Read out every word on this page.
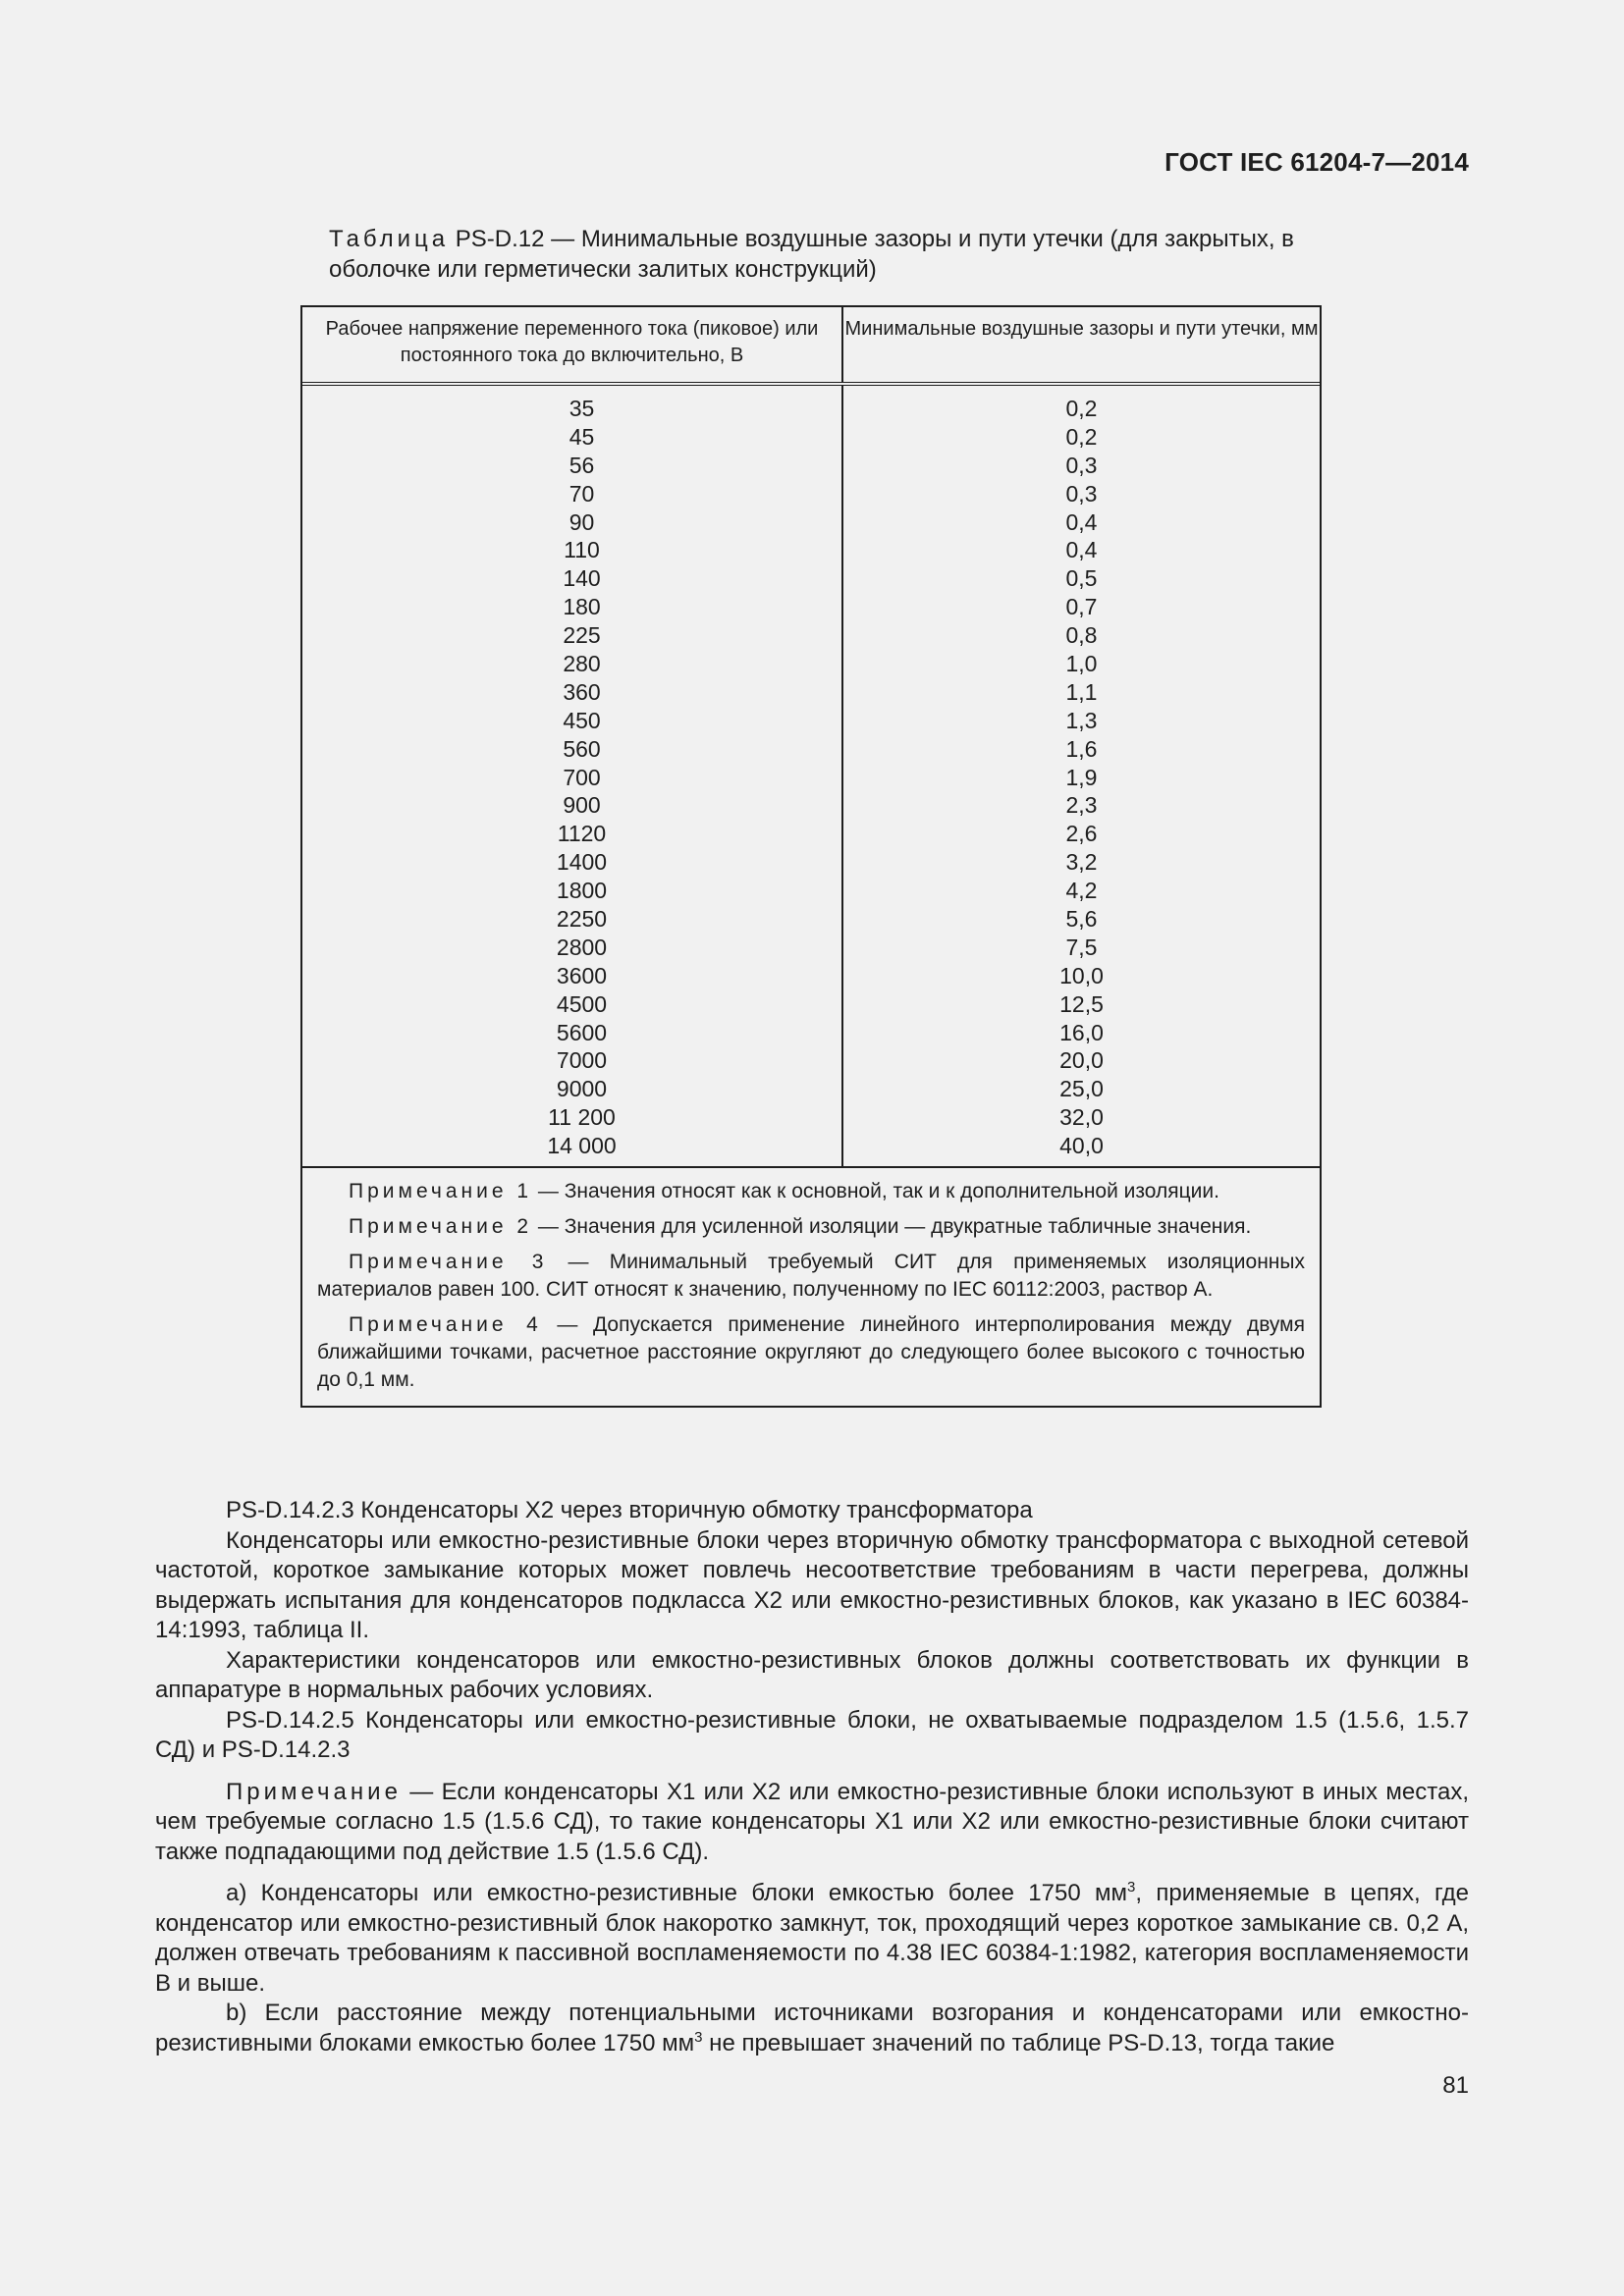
ГОСТ IEC 61204-7—2014
Таблица PS-D.12 — Минимальные воздушные зазоры и пути утечки (для закрытых, в оболочке или герметически залитых конструкций)
Рабочее напряжение переменного тока (пиковое) или постоянного тока до включительно, В
Минимальные воздушные зазоры и пути утечки, мм
35
45
56
70
90
110
140
180
225
280
360
450
560
700
900
1120
1400
1800
2250
2800
3600
4500
5600
7000
9000
11 200
14 000
0,2
0,2
0,3
0,3
0,4
0,4
0,5
0,7
0,8
1,0
1,1
1,3
1,6
1,9
2,3
2,6
3,2
4,2
5,6
7,5
10,0
12,5
16,0
20,0
25,0
32,0
40,0
Примечание 1 — Значения относят как к основной, так и к дополнительной изоляции.
Примечание 2 — Значения для усиленной изоляции — двукратные табличные значения.
Примечание 3 — Минимальный требуемый СИТ для применяемых изоляционных материалов равен 100. СИТ относят к значению, полученному по IEC 60112:2003, раствор А.
Примечание 4 — Допускается применение линейного интерполирования между двумя ближайшими точками, расчетное расстояние округляют до следующего более высокого с точностью до 0,1 мм.

PS-D.14.2.3 Конденсаторы Х2 через вторичную обмотку трансформатора

Конденсаторы или емкостно-резистивные блоки через вторичную обмотку трансформатора с выходной сетевой частотой, короткое замыкание которых может повлечь несоответствие требованиям в части перегрева, должны выдержать испытания для конденсаторов подкласса Х2 или емкостно-резистивных блоков, как указано в IEC 60384-14:1993, таблица II.

Характеристики конденсаторов или емкостно-резистивных блоков должны соответствовать их функции в аппаратуре в нормальных рабочих условиях.

PS-D.14.2.5 Конденсаторы или емкостно-резистивные блоки, не охватываемые подразделом 1.5 (1.5.6, 1.5.7 СД) и PS-D.14.2.3

Примечание — Если конденсаторы Х1 или Х2 или емкостно-резистивные блоки используют в иных местах, чем требуемые согласно 1.5 (1.5.6 СД), то такие конденсаторы Х1 или Х2 или емкостно-резистивные блоки считают также подпадающими под действие 1.5 (1.5.6 СД).

а) Конденсаторы или емкостно-резистивные блоки емкостью более 1750 $мм^3$, применяемые в цепях, где конденсатор или емкостно-резистивный блок накоротко замкнут, ток, проходящий через короткое замыкание св. 0,2 А, должен отвечать требованиям к пассивной воспламеняемости по 4.38 IEC 60384-1:1982, категория воспламеняемости В и выше.

b) Если расстояние между потенциальными источниками возгорания и конденсаторами или емкостно-резистивными блоками емкостью более 1750 $мм^3$ не превышает значений по таблице PS-D.13, тогда такие

81
